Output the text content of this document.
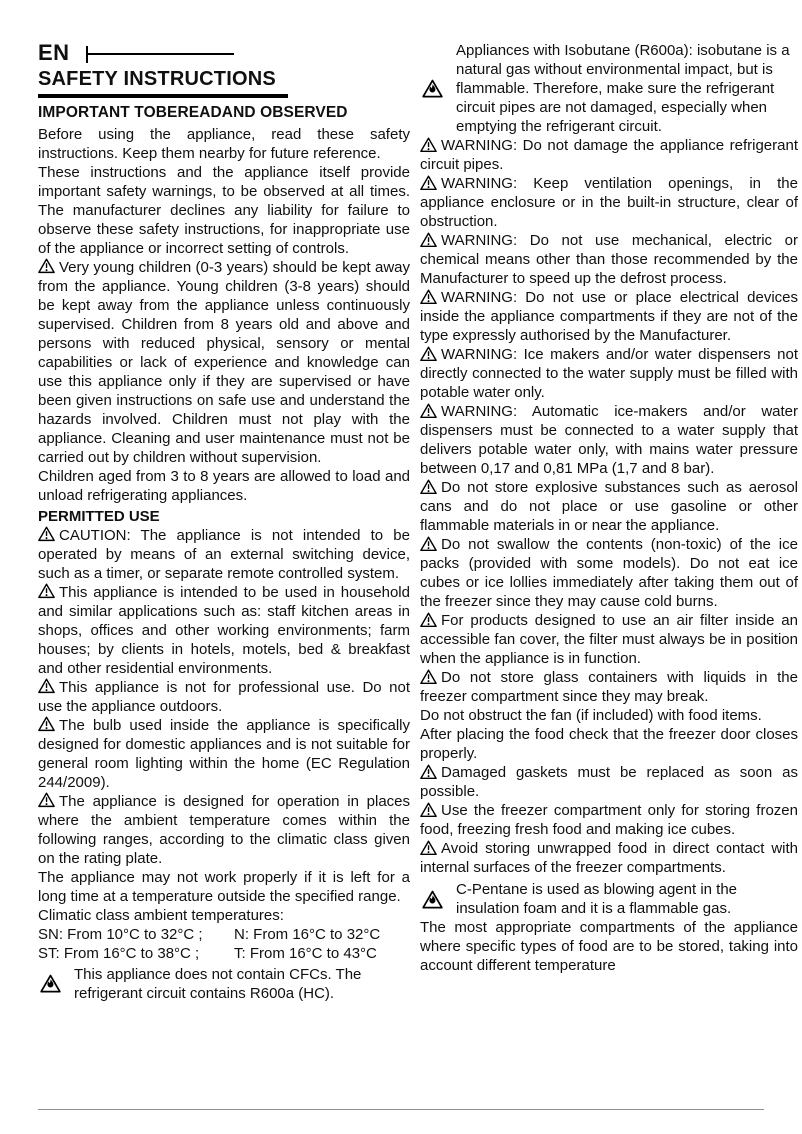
EN
SAFETY INSTRUCTIONS
IMPORTANT TOBEREADAND OBSERVED

Before using the appliance, read these safety instructions. Keep them nearby for future reference.

These instructions and the appliance itself provide important safety warnings, to be observed at all times. The manufacturer declines any liability for failure to observe these safety instructions, for inappropriate use of the appliance or incorrect setting of controls.

Very young children (0-3 years) should be kept away from the appliance. Young children (3-8 years) should be kept away from the appliance unless continuously supervised. Children from 8 years old and above and persons with reduced physical, sensory or mental capabilities or lack of experience and knowledge can use this appliance only if they are supervised or have been given instructions on safe use and understand the hazards involved. Children must not play with the appliance. Cleaning and user maintenance must not be carried out by children without supervision.

Children aged from 3 to 8 years are allowed to load and unload refrigerating appliances.

PERMITTED USE

CAUTION: The appliance is not intended to be operated by means of an external switching device, such as a timer, or separate remote controlled system.

This appliance is intended to be used in household and similar applications such as: staff kitchen areas in shops, offices and other working environments; farm houses; by clients in hotels, motels, bed & breakfast and other residential environments.

This appliance is not for professional use. Do not use the appliance outdoors.

The bulb used inside the appliance is specifically designed for domestic appliances and is not suitable for general room lighting within the home (EC Regulation 244/2009).

The appliance is designed for operation in places where the ambient temperature comes within the following ranges, according to the climatic class given on the rating plate.

The appliance may not work properly if it is left for a long time at a temperature outside the specified range.

Climatic class ambient temperatures:

SN: From 10°C to 32°C ;	N: From 16°C to 32°C
ST: From 16°C to 38°C ;	T: From 16°C to 43°C

This appliance does not contain CFCs. The refrigerant circuit contains R600a (HC).

Appliances with Isobutane (R600a): isobutane is a natural gas without environmental impact, but is flammable. Therefore, make sure the refrigerant circuit pipes are not damaged, especially when emptying the refrigerant circuit.

WARNING: Do not damage the appliance refrigerant circuit pipes.

WARNING: Keep ventilation openings, in the appliance enclosure or in the built-in structure, clear of obstruction.

WARNING: Do not use mechanical, electric or chemical means other than those recommended by the Manufacturer to speed up the defrost process.

WARNING: Do not use or place electrical devices inside the appliance compartments if they are not of the type expressly authorised by the Manufacturer.

WARNING: Ice makers and/or water dispensers not directly connected to the water supply must be filled with potable water only.

WARNING: Automatic ice-makers and/or water dispensers must be connected to a water supply that delivers potable water only, with mains water pressure between 0,17 and 0,81 MPa (1,7 and 8 bar).

Do not store explosive substances such as aerosol cans and do not place or use gasoline or other flammable materials in or near the appliance.

Do not swallow the contents (non-toxic) of the ice packs (provided with some models). Do not eat ice cubes or ice lollies immediately after taking them out of the freezer since they may cause cold burns.

For products designed to use an air filter inside an accessible fan cover, the filter must always be in position when the appliance is in function.

Do not store glass containers with liquids in the freezer compartment since they may break.

Do not obstruct the fan (if included) with food items.

After placing the food check that the freezer door closes properly.

Damaged gaskets must be replaced as soon as possible.

Use the freezer compartment only for storing frozen food, freezing fresh food and making ice cubes.

Avoid storing unwrapped food in direct contact with internal surfaces of the freezer compartments.

C-Pentane is used as blowing agent in the insulation foam and it is a flammable gas.

The most appropriate compartments of the appliance where specific types of food are to be stored, taking into account different temperature
